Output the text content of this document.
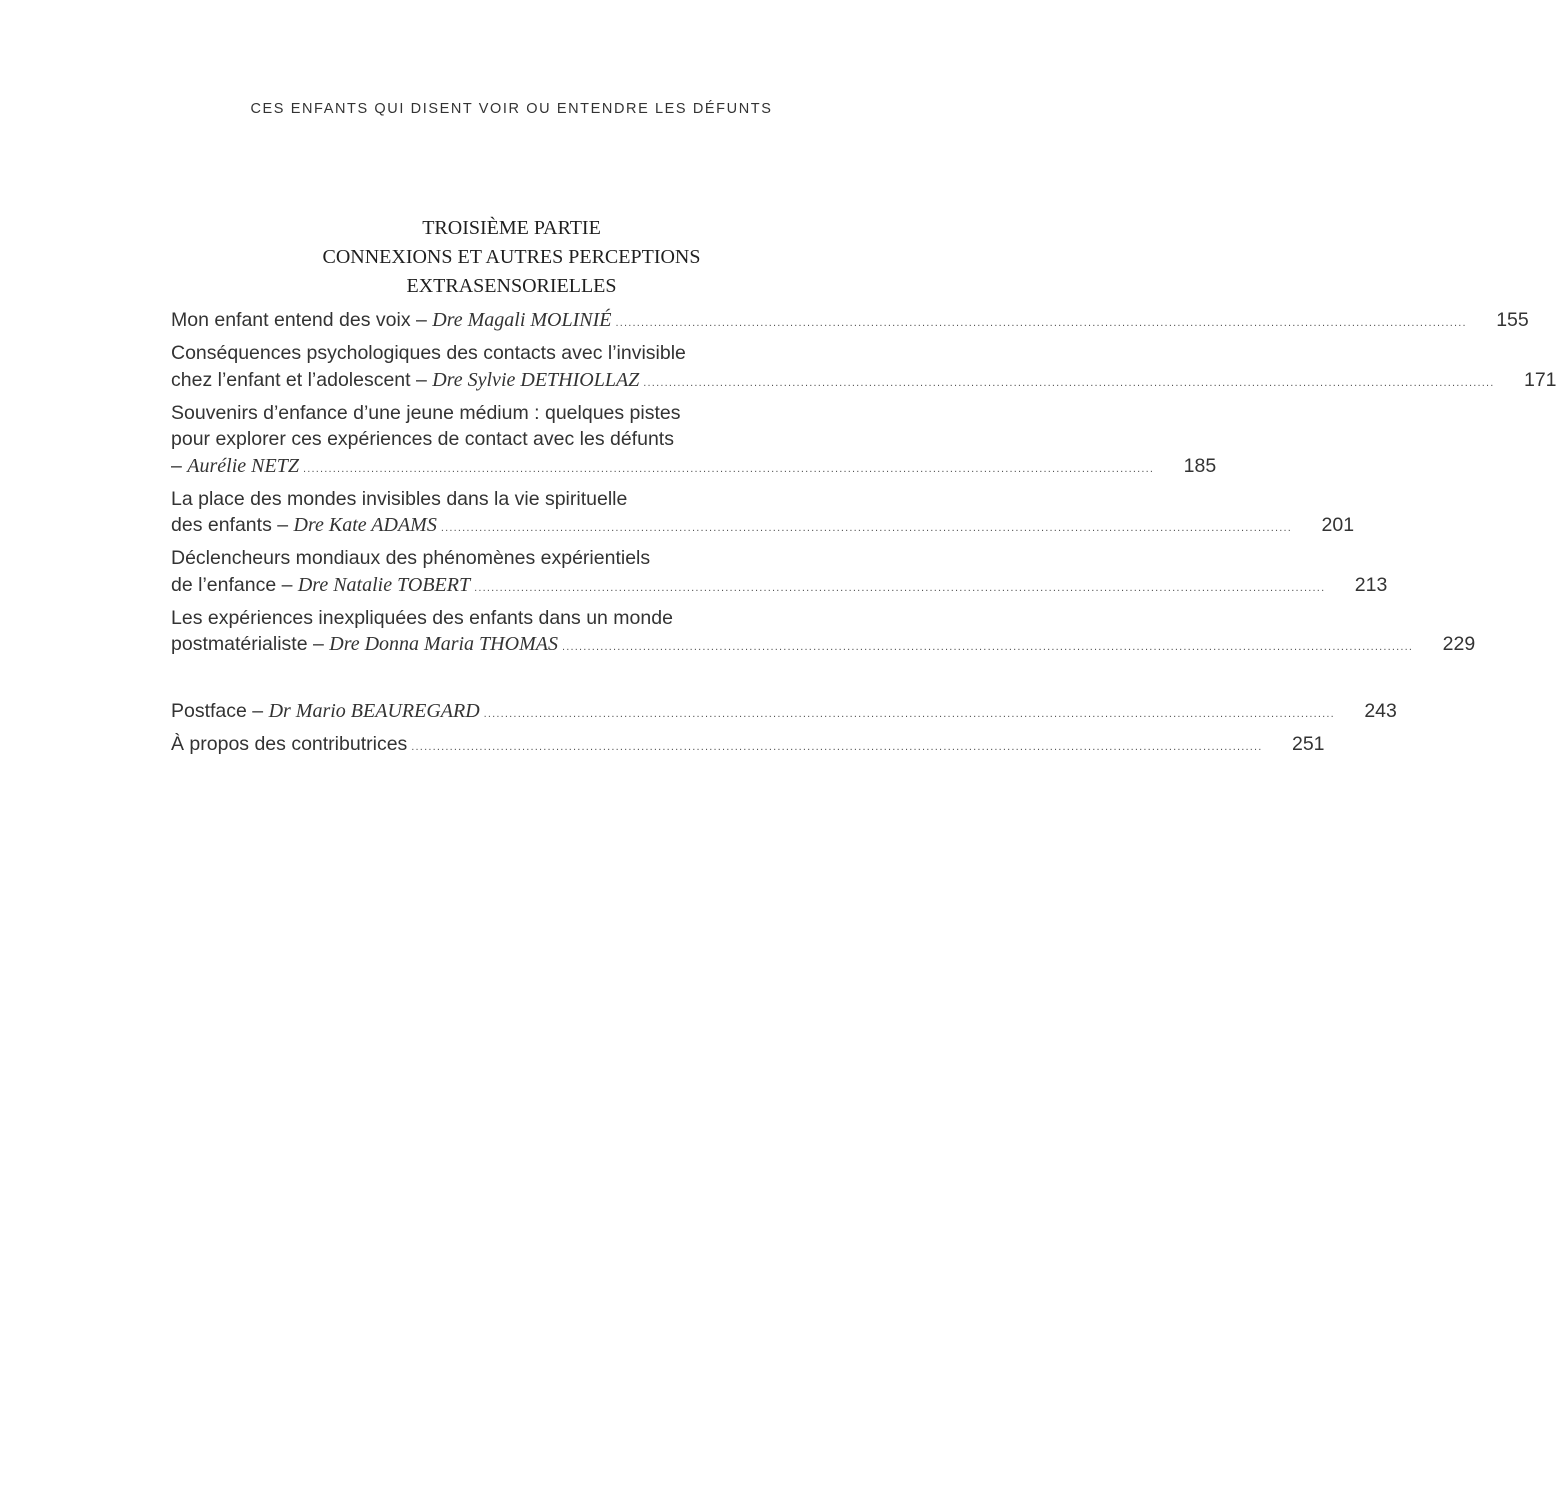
CES ENFANTS QUI DISENT VOIR OU ENTENDRE LES DÉFUNTS
TROISIÈME PARTIE
CONNEXIONS ET AUTRES PERCEPTIONS
EXTRASENSORIELLES
Mon enfant entend des voix – Dre Magali MOLINIÉ ........................................................................................................................................................................................................	155
Conséquences psychologiques des contacts avec l’invisible
chez l’enfant et l’adolescent – Dre Sylvie DETHIOLLAZ ........................................................................................................................................................................................................	171
Souvenirs d’enfance d’une jeune médium : quelques pistes
pour explorer ces expériences de contact avec les défunts
– Aurélie NETZ ........................................................................................................................................................................................................	185
La place des mondes invisibles dans la vie spirituelle
des enfants – Dre Kate ADAMS ........................................................................................................................................................................................................	201
Déclencheurs mondiaux des phénomènes expérientiels
de l’enfance – Dre Natalie TOBERT ........................................................................................................................................................................................................	213
Les expériences inexpliquées des enfants dans un monde
postmatérialiste – Dre Donna Maria THOMAS ........................................................................................................................................................................................................	229
Postface – Dr Mario BEAUREGARD ........................................................................................................................................................................................................	243
À propos des contributrices ........................................................................................................................................................................................................	251
